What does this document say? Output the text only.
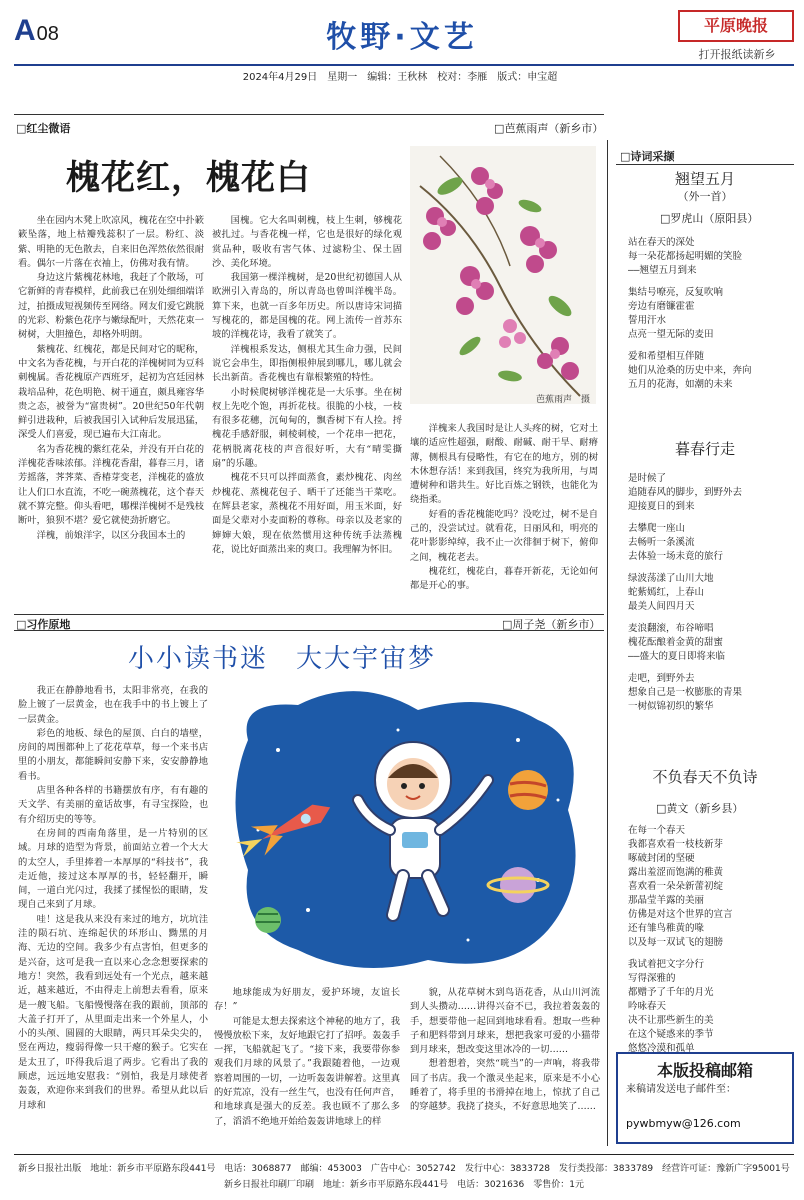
A 08	牧野·文艺	平原晚报
打开报纸读新乡
2024年4月29日　星期一　编辑：王秋林　校对：李雁　版式：申宝超
□红尘微语	□芭蕉雨声（新乡市）
槐花红，槐花白
芭蕉雨声　摄

坐在园内木凳上吹凉风，槐花在空中扑簌簌坠落，地上枯瓣残蕊积了一层。粉红、淡紫、明艳的无色散去，自来旧色浑然依然很耐看。偶尔一片落在衣袖上，仿佛对我有情。

身边这片紫槐花林地，我赶了个散场，可它新鲜的青春模样，此前我已在别处细细端详过，拍摄成短视频传至网络。网友们爱它跳脱的光彩、粉紫色花序与嫩绿配叶，天然花束一树树，大胆撞色，却格外明朗。

紫槐花、红槐花，都是民间对它的昵称，中文名为香花槐，与开白花的洋槐树同为豆科刺槐属。香花槐原产西班牙，起初为宫廷园林栽培品种，花色明艳、树干通直，颇具雍容华贵之态，被誉为“富贵树”。20世纪50年代朝鲜引进栽种，后被我国引入试种后发展迅猛，深受人们喜爱，现已遍布大江南北。

名为香花槐的紫红花朵，并没有开白花的洋槐花香味浓郁。洋槐花香甜，暮春三月，诸芳摇落，荠荠菜、香椿芽变老，洋槐花的盛放让人们口水直流，不吃一碗蒸槐花，这个春天就不算完整。仰头看吧，哪棵洋槐树不是残枝断叶，狼狈不堪？爱它就使劲折磨它。

洋槐，前娘洋字，以区分我国本土的

国槐。它大名叫刺槐，枝上生刺，够槐花被扎过。与香花槐一样，它也是很好的绿化观赏品种，吸收有害气体、过滤粉尘、保土固沙、美化环境。

我国第一棵洋槐树，是20世纪初德国人从欧洲引入青岛的，所以青岛也曾叫洋槐半岛。算下来，也就一百多年历史。所以唐诗宋词描写槐花的，都是国槐的花。网上流传一首苏东坡的洋槐花诗，我看了就笑了。

洋槐根系发达，侧根尤其生命力强，民间说它会串生，即指侧根伸展到哪儿，哪儿就会长出新苗。香花槐也有靠根繁殖的特性。

小时候爬树够洋槐花是一大乐事。坐在树杈上先吃个饱，再折花枝。很脆的小枝，一枝有很多花穗，沉甸甸的，飘香树下有人捡。捋槐花手感舒服，刺棱刺棱，一个花串一把花，花柄脱离花枝的声音很好听，大有“晴雯撕扇”的乐趣。

槐花不只可以拌面蒸食，素炒槐花、肉丝炒槐花、蒸槐花包子、晒干了还能当干菜吃。在辉县老家，蒸槐花不用好面，用玉米面，好面是父辈对小麦面粉的尊称。母亲以及老家的婶婶大娘，现在依然惯用这种传统手法蒸槐花，说比好面蒸出来的爽口。我理解为怀旧。

洋槐来人我国时是让人头疼的树，它对土壤的适应性超强，耐酸、耐碱、耐干旱、耐瘠薄，侧根具有侵略性，有它在的地方，别的树木休想存活！来到我国，终究为我所用，与周遭树种和谐共生。好比百炼之钢铁，也能化为绕指柔。

好看的香花槐能吃吗？没吃过，树不是自己的，没尝试过。就看花，日丽风和，明亮的花叶影影绰绰，我不止一次徘徊于树下，俯仰之间，槐花老去。

槐花红，槐花白，暮春开新花，无论如何都是开心的事。

□习作原地	□周子尧（新乡市）
小小读书迷　大大宇宙梦

我正在静静地看书，太阳非常亮，在我的脸上镀了一层黄金，也在我手中的书上镀上了一层黄金。

彩色的地板、绿色的屋顶、白白的墙壁，房间的周围都种上了花花草草，每一个来书店里的小朋友，都能瞬间安静下来，安安静静地看书。

店里各种各样的书籍摆放有序，有有趣的天文学、有美丽的童话故事，有寻宝探险，也有介绍历史的等等。

在房间的西南角落里，是一片特别的区域。月球的造型为背景，前面站立着一个大大的太空人，手里捧着一本厚厚的“科技书”，我走近他，接过这本厚厚的书，轻轻翻开，瞬间，一道白光闪过，我揉了揉惺忪的眼睛，发现自己来到了月球。

哇！这是我从来没有来过的地方，坑坑洼洼的陨石坑、连绵起伏的环形山、黝黑的月海、无边的空间。我多少有点害怕，但更多的是兴奋，这可是我一直以来心念念想要探索的地方！突然，我看到远处有一个光点，越来越近，越来越近，不由得走上前想去看看，原来是一艘飞船。飞船慢慢落在我的跟前，顶部的大盖子打开了，从里面走出来一个外星人，小小的头颅、圆圆的大眼睛，两只耳朵尖尖的，竖在两边，瘦弱得像一只干瘪的猴子。它实在是太丑了，吓得我后退了两步。它看出了我的顾虑，远远地安慰我：“别怕，我是月球使者轰轰，欢迎你来到我们的世界。希望从此以后月球和

地球能成为好朋友，爱护环境，友谊长存！”

可能是太想去探索这个神秘的地方了，我慢慢放松下来，友好地跟它打了招呼。轰轰手一挥，飞船就起飞了。“接下来，我要带你参观我们月球的风景了。”我跟随着他，一边观察着周围的一切，一边听轰轰讲解着。这里真的好荒凉，没有一丝生气，也没有任何声音，和地球真是强大的反差。我也顾不了那么多了，滔滔不绝地开始给轰轰讲地球上的样

貌，从花草树木到鸟语花香，从山川河流到人头攒动……讲得兴奋不已，我拉着轰轰的手，想要带他一起回到地球看看。想取一些种子和肥料带到月球来，想把我家可爱的小猫带到月球来，想改变这里冰冷的一切……

想着想着，突然“咣当”的一声响，将我带回了书店。我一个激灵坐起来，原来是不小心睡着了，将手里的书滑掉在地上，惊扰了自己的穿越梦。我挠了挠头，不好意思地笑了……

□诗词采撷
翘望五月
（外一首）
□罗虎山（原阳县）
站在春天的深处
每一朵花都扬起明媚的笑脸
——翘望五月到来
集结号嘹亮，反复吹响
旁边有磨镰霍霍
誓用汗水
点亮一望无际的麦田
爱和希望相互伴随
她们从沧桑的历史中来，奔向
五月的花海，如潮的未来
暮春行走
是时候了
追随春风的脚步，到野外去
迎接夏日的到来
去攀爬一座山
去畅听一条溪流
去体验一场未竟的旅行
绿波荡漾了山川大地
蛇紫嫣红，上春山
最美人间四月天
麦浪翻滚，布谷啼唱
槐花酝酿着金黄的甜蜜
——盛大的夏日即将来临
走吧，到野外去
想象自己是一枚膨胀的青果
一树似锦初织的繁华
不负春天不负诗
□黄文（新乡县）
在每一个春天
我都喜欢看一枝枝新芽
啄破封闭的坚硬
露出羞涩而饱满的稚黄
喜欢看一朵朵新蕾初绽
那晶莹羊露的美丽
仿佛是对这个世界的宣言
还有雏鸟稚黄的喙
以及每一双试飞的翅膀
我试着把文字分行
写得深雅的
都赠予了千年的月光
吟咏春天
决不让那些新生的美
在这个疑惑来的季节
悠悠冷漠和孤单
本版投稿邮箱
来稿请发送电子邮件至：
pywbmyw@126.com
新乡日报社出版　地址：新乡市平原路东段441号　电话：3068877　邮编：453003　广告中心：3052742　发行中心：3833728　发行类投部：3833789　经营许可证：豫新广字95001号
新乡日报社印刷厂印刷　地址：新乡市平原路东段441号　电话：3021636　零售价：1元
